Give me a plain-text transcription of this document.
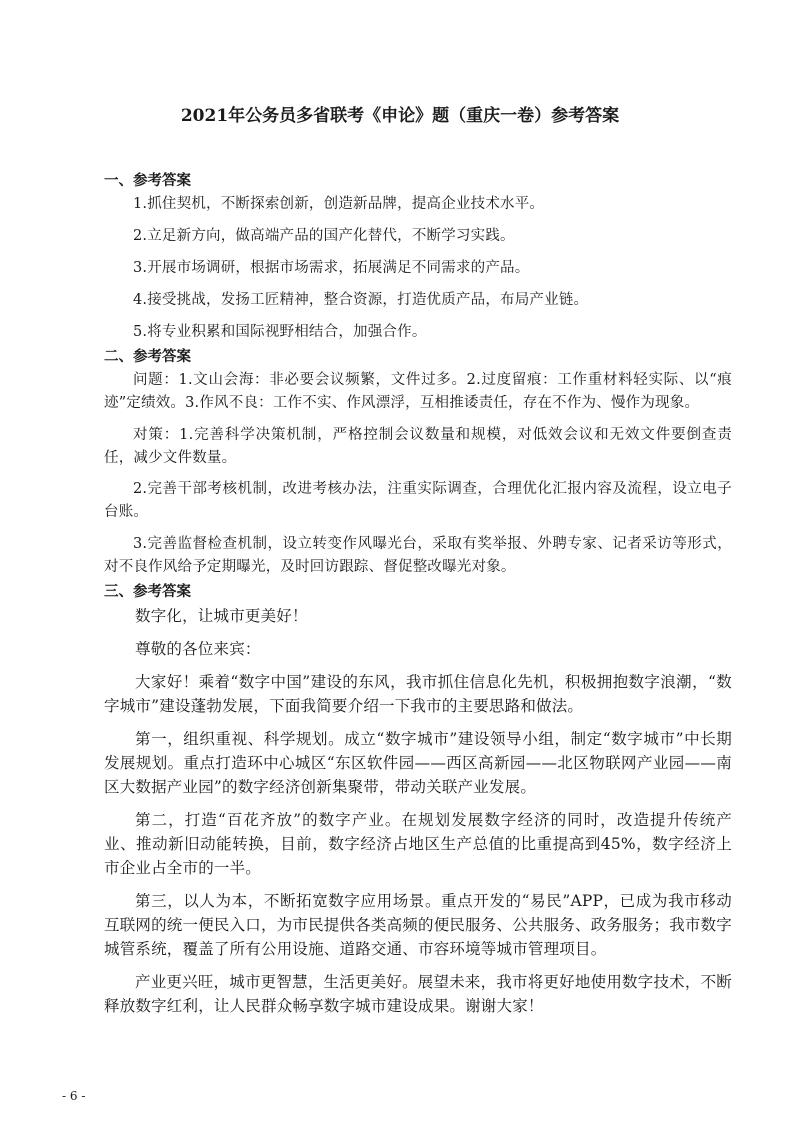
2021年公务员多省联考《申论》题（重庆一卷）参考答案
一、参考答案

1.抓住契机，不断探索创新，创造新品牌，提高企业技术水平。

2.立足新方向，做高端产品的国产化替代，不断学习实践。

3.开展市场调研，根据市场需求，拓展满足不同需求的产品。

4.接受挑战，发扬工匠精神，整合资源，打造优质产品，布局产业链。

5.将专业积累和国际视野相结合，加强合作。

二、参考答案

问题：1.文山会海：非必要会议频繁，文件过多。2.过度留痕：工作重材料轻实际、以“痕迹”定绩效。3.作风不良：工作不实、作风漂浮，互相推诿责任，存在不作为、慢作为现象。

对策：1.完善科学决策机制，严格控制会议数量和规模，对低效会议和无效文件要倒查责任，减少文件数量。

2.完善干部考核机制，改进考核办法，注重实际调查，合理优化汇报内容及流程，设立电子台账。

3.完善监督检查机制，设立转变作风曝光台，采取有奖举报、外聘专家、记者采访等形式，对不良作风给予定期曝光，及时回访跟踪、督促整改曝光对象。

三、参考答案

数字化，让城市更美好！

尊敬的各位来宾：

大家好！乘着“数字中国”建设的东风，我市抓住信息化先机，积极拥抱数字浪潮，“数字城市”建设蓬勃发展，下面我简要介绍一下我市的主要思路和做法。

第一，组织重视、科学规划。成立“数字城市”建设领导小组，制定“数字城市”中长期发展规划。重点打造环中心城区“东区软件园——西区高新园——北区物联网产业园——南区大数据产业园”的数字经济创新集聚带，带动关联产业发展。

第二，打造“百花齐放”的数字产业。在规划发展数字经济的同时，改造提升传统产业、推动新旧动能转换，目前，数字经济占地区生产总值的比重提高到45%，数字经济上市企业占全市的一半。

第三，以人为本，不断拓宽数字应用场景。重点开发的“易民”APP，已成为我市移动互联网的统一便民入口，为市民提供各类高频的便民服务、公共服务、政务服务；我市数字城管系统，覆盖了所有公用设施、道路交通、市容环境等城市管理项目。

产业更兴旺，城市更智慧，生活更美好。展望未来，我市将更好地使用数字技术，不断释放数字红利，让人民群众畅享数字城市建设成果。谢谢大家！

- 6 -
